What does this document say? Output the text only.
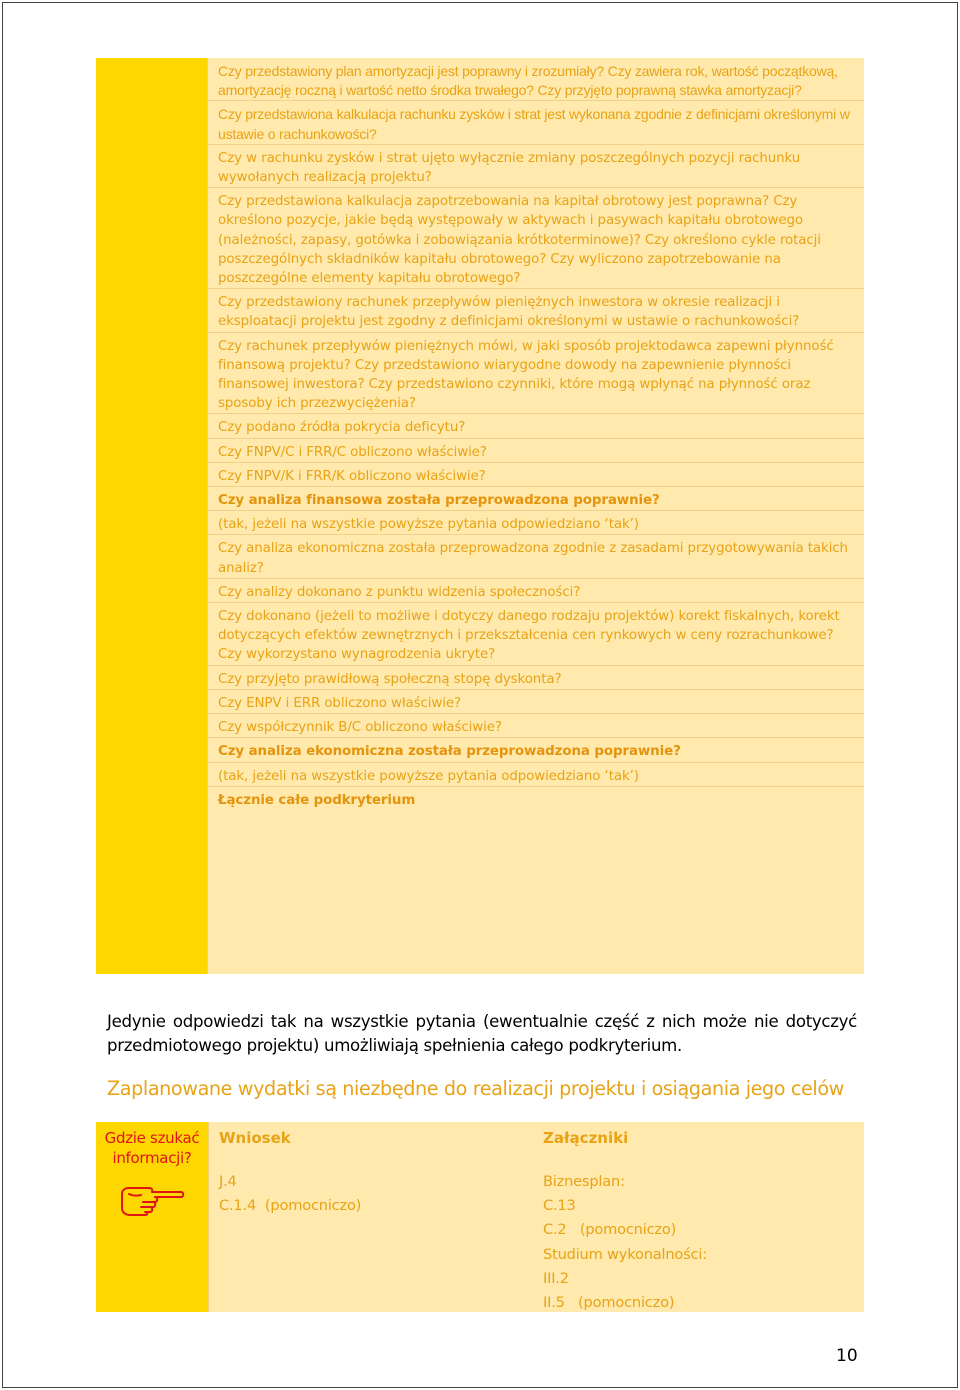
Czy przedstawiony plan amortyzacji jest poprawny i zrozumiały? Czy zawiera rok, wartość początkową, amortyzację roczną i wartość netto środka trwałego? Czy przyjęto poprawną stawka amortyzacji?
Czy przedstawiona kalkulacja rachunku zysków i strat jest wykonana zgodnie z definicjami określonymi w ustawie o rachunkowości?
Czy w rachunku zysków i strat ujęto wyłącznie zmiany poszczególnych pozycji rachunku wywołanych realizacją projektu?
Czy przedstawiona kalkulacja zapotrzebowania na kapitał obrotowy jest poprawna? Czy określono pozycje, jakie będą występowały w aktywach i pasywach kapitału obrotowego (należności, zapasy, gotówka i zobowiązania krótkoterminowe)? Czy określono cykle rotacji poszczególnych składników kapitału obrotowego? Czy wyliczono zapotrzebowanie na poszczególne elementy kapitału obrotowego?
Czy przedstawiony rachunek przepływów pieniężnych inwestora w okresie realizacji i eksploatacji projektu jest zgodny z definicjami określonymi w ustawie o rachunkowości?
Czy rachunek przepływów pieniężnych mówi, w jaki sposób projektodawca zapewni płynność finansową projektu? Czy przedstawiono wiarygodne dowody na zapewnienie płynności finansowej inwestora? Czy przedstawiono czynniki, które mogą wpłynąć na płynność oraz sposoby ich przezwyciężenia?
Czy podano źródła pokrycia deficytu?
Czy FNPV/C i FRR/C obliczono właściwie?
Czy FNPV/K i FRR/K obliczono właściwie?
Czy analiza finansowa została przeprowadzona poprawnie?
(tak, jeżeli na wszystkie powyższe pytania odpowiedziano ‘tak’)
Czy analiza ekonomiczna została przeprowadzona zgodnie z zasadami przygotowywania takich analiz?
Czy analizy dokonano z punktu widzenia społeczności?
Czy dokonano (jeżeli to możliwe i dotyczy danego rodzaju projektów) korekt fiskalnych, korekt dotyczących efektów zewnętrznych i przekształcenia cen rynkowych w ceny rozrachunkowe? Czy wykorzystano wynagrodzenia ukryte?
Czy przyjęto prawidłową społeczną stopę dyskonta?
Czy ENPV i ERR obliczono właściwie?
Czy współczynnik B/C obliczono właściwie?
Czy analiza ekonomiczna została przeprowadzona poprawnie?
(tak, jeżeli na wszystkie powyższe pytania odpowiedziano ‘tak’)
Łącznie całe podkryterium

Jedynie odpowiedzi tak na wszystkie pytania (ewentualnie część z nich może nie dotyczyć przedmiotowego projektu) umożliwiają spełnienia całego podkryterium.

Zaplanowane wydatki są niezbędne do realizacji projektu i osiągania jego celów
Gdzie szukać informacji?
Wniosek
J.4
C.1.4  (pomocniczo)
Załączniki
Biznesplan:
C.13
C.2   (pomocniczo)
Studium wykonalności:
III.2
II.5   (pomocniczo)
10
